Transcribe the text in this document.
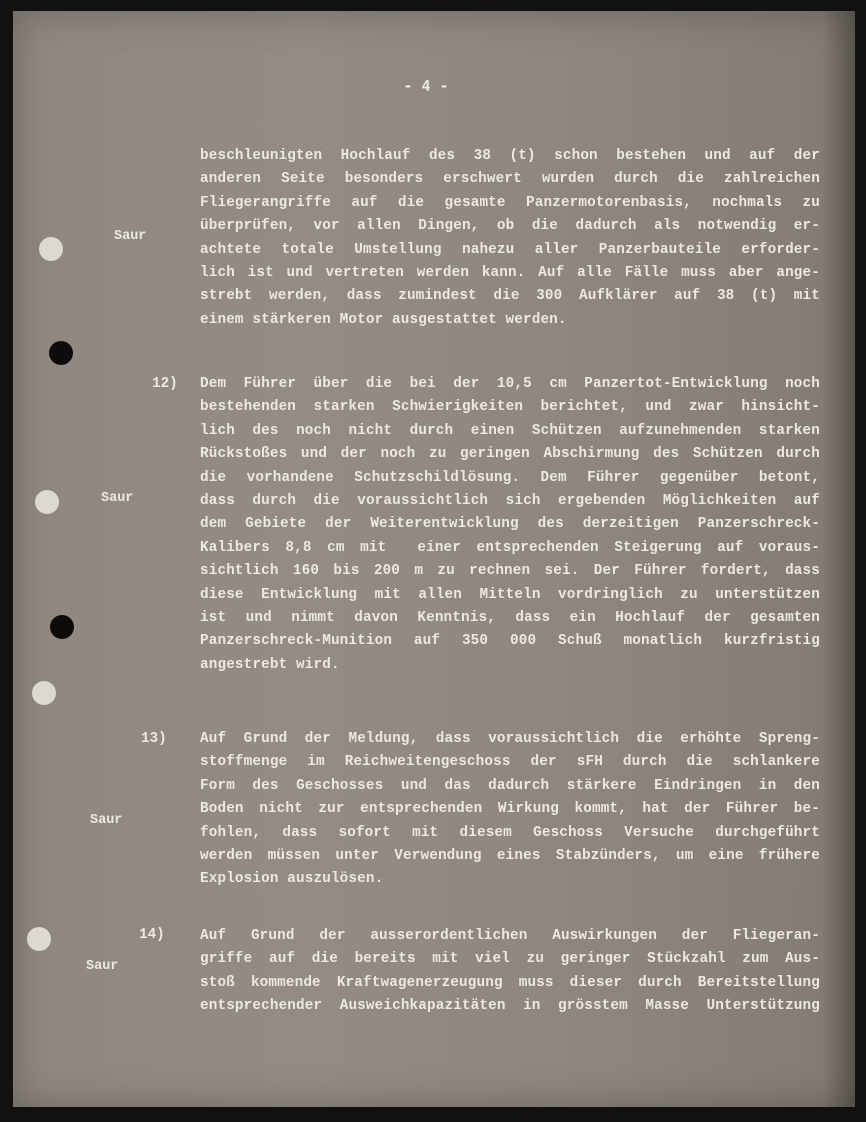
- 4 -
Saur
beschleunigten Hochlauf des 38 (t) schon bestehen und auf der
anderen Seite besonders erschwert wurden durch die zahlreichen
Fliegerangriffe auf die gesamte Panzermotorenbasis, nochmals zu
überprüfen, vor allen Dingen, ob die dadurch als notwendig er-
achtete totale Umstellung nahezu aller Panzerbauteile erforder-
lich ist und vertreten werden kann. Auf alle Fälle muss aber ange-
strebt werden, dass zumindest die 300 Aufklärer auf 38 (t) mit
einem stärkeren Motor ausgestattet werden.
12)
Saur
Dem Führer über die bei der 10,5 cm Panzertot-Entwicklung noch
bestehenden starken Schwierigkeiten berichtet, und zwar hinsicht-
lich des noch nicht durch einen Schützen aufzunehmenden starken
Rückstoßes und der noch zu geringen Abschirmung des Schützen durch
die vorhandene Schutzschildlösung. Dem Führer gegenüber betont,
dass durch die voraussichtlich sich ergebenden Möglichkeiten auf
dem Gebiete der Weiterentwicklung des derzeitigen Panzerschreck-
Kalibers 8,8 cm mit  einer entsprechenden Steigerung auf voraus-
sichtlich 160 bis 200 m zu rechnen sei. Der Führer fordert, dass
diese Entwicklung mit allen Mitteln vordringlich zu unterstützen
ist und nimmt davon Kenntnis, dass ein Hochlauf der gesamten
Panzerschreck-Munition auf 350 000 Schuß monatlich kurzfristig
angestrebt wird.
13)
Saur
Auf Grund der Meldung, dass voraussichtlich die erhöhte Spreng-
stoffmenge im Reichweitengeschoss der sFH durch die schlankere
Form des Geschosses und das dadurch stärkere Eindringen in den
Boden nicht zur entsprechenden Wirkung kommt, hat der Führer be-
fohlen, dass sofort mit diesem Geschoss Versuche durchgeführt
werden müssen unter Verwendung eines Stabzünders, um eine frühere
Explosion auszulösen.
14)
Saur
Auf Grund der ausserordentlichen Auswirkungen der Fliegeran-
griffe auf die bereits mit viel zu geringer Stückzahl zum Aus-
stoß kommende Kraftwagenerzeugung muss dieser durch Bereitstellung
entsprechender Ausweichkapazitäten in grösstem Masse Unterstützung
